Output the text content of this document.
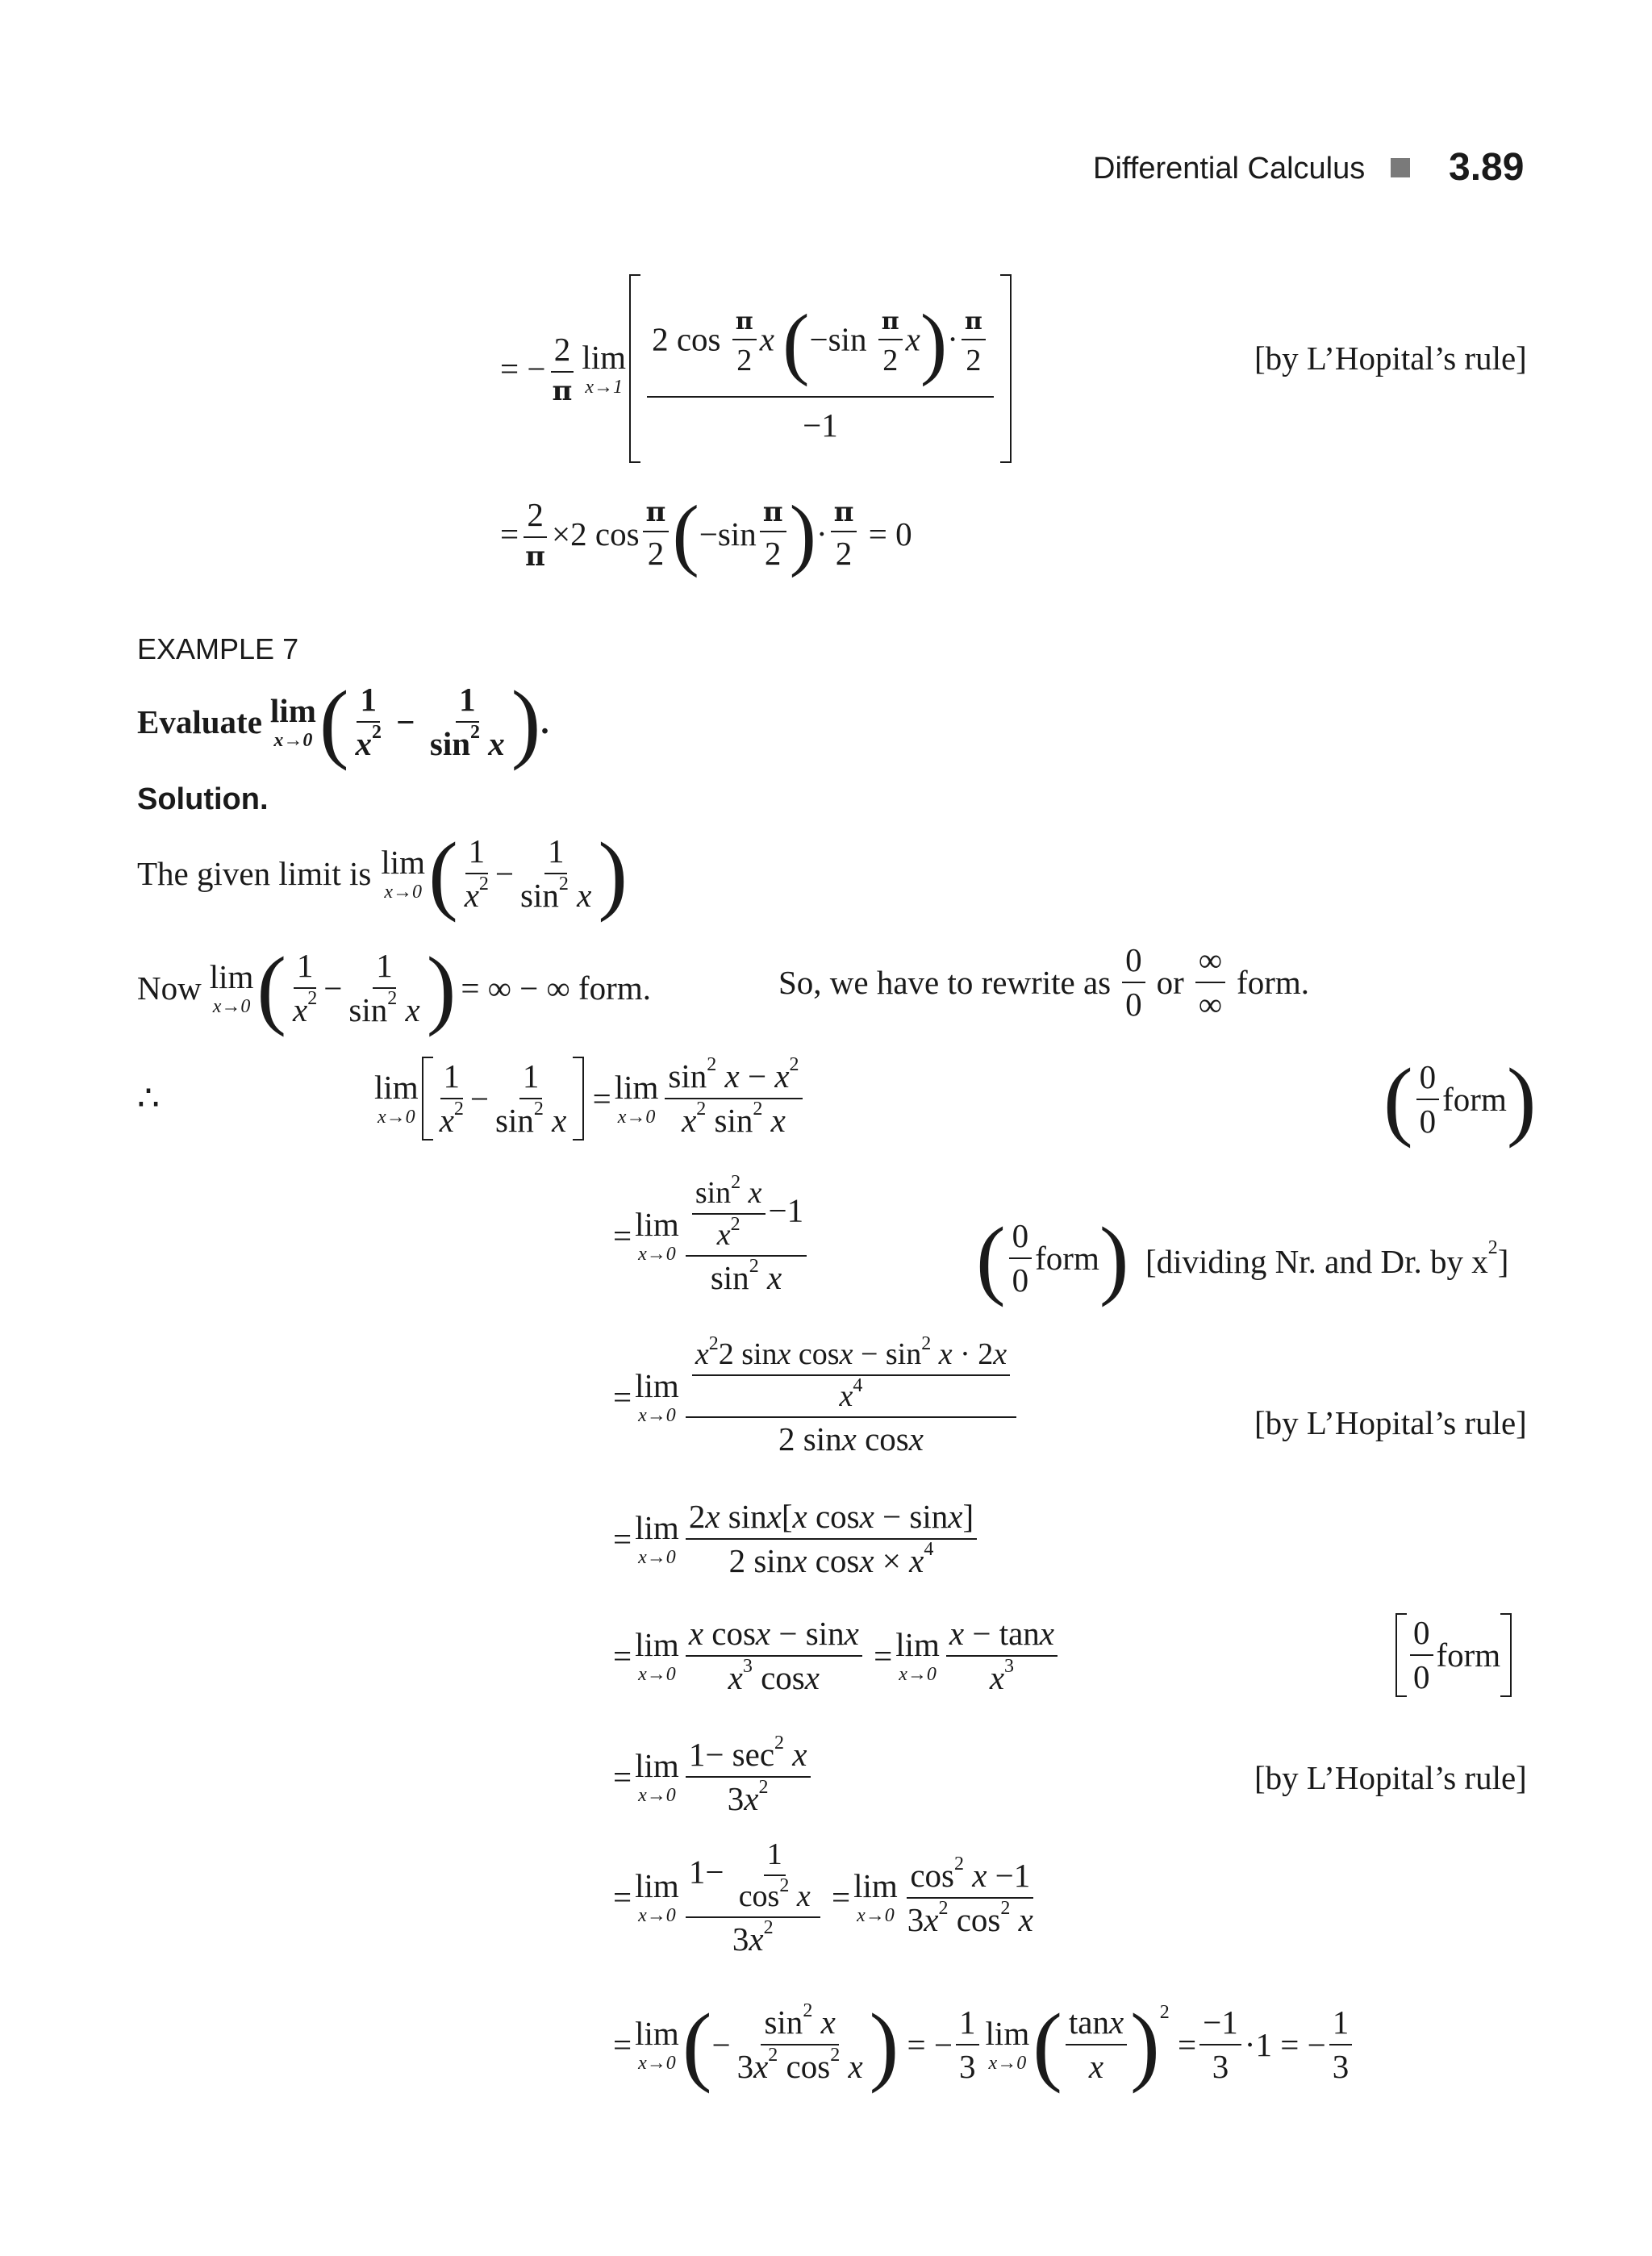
Differential Calculus 3.89
= − $\frac{2}{\pi}$ lim
$x\to 1 \frac{2 \cos \frac{\pi}{2} x (-\sin \frac{\pi}{2} x)\cdot \frac{\pi}{2}}{-1}$	[by L’Hopital’s rule]
= $\frac{2}{\pi} \times 2$ $\cos \frac{\pi}{2}$ ( $-\sin \frac{\pi}{2}$ ) · $\frac{\pi}{2} = 0$
EXAMPLE 7
Evaluate lim
x→0 ( $\frac{1}{x^2} - \frac{1}{\sin^2 x}$ ) .
Solution.
The given limit is lim
x→0 ( $\frac{1}{x^2} - \frac{1}{\sin^2 x}$ )
Now lim
x→0 ( $\frac{1}{x^2} - \frac{1}{\sin^2 x}$ ) = ∞ − ∞ form.	So, we have to rewrite as $\frac{0}{0}$ or $\frac{\infty}{\infty}$ form.
∴	lim
$x\to 0 \frac{1}{x^2} - \frac{1}{\sin^2 x} = \lim$
$x\to 0 \frac{\sin^2 x - x^2}{x^2 \sin^2 x}$	( $\frac{0}{0}$ form )
= lim
$x\to 0 \frac{\frac{\sin^2 x}{x^2} -1}{\sin^2 x}$ ( $\frac{0}{0}$ form ) [dividing Nr. and Dr. by $x^2$]
= lim
$x\to 0 \frac{\frac{x^22 \sin x \cos x - \sin^2 x \cdot 2x}{x^4}}{\text{2 sinx cosx}}$	[by L’Hopital’s rule]
= lim
$x\to 0 \frac{\text{2x sinx[x cosx − sinx]}}{2 \sin x \cos x \times x^4}$
= lim
$x\to 0 \frac{\text{x cosx − sinx}}{x^3 \cos x} = \lim$
$x\to 0 \frac{x - \tan x}{x^3}$	$\frac{0}{0}$ form
= lim
$x\to 0 \frac{1- \sec^2 x}{3x^2}$	[by L’Hopital’s rule]
= lim
$x\to 0 \frac{1- \frac{1}{\cos^2 x}}{3x^2} = \lim$
$x\to 0 \frac{\cos^2 x -1}{3x^2 \cos^2 x}$
= lim
x→0 ( − $\frac{\sin^2 x}{3x^2 \cos^2 x}$ ) = − $\frac{1}{3}$ lim
x→0 ( $\frac{\tan x}{x} )^2$
= $\frac{-1}{3} \cdot 1$ = − $\frac{1}{3}$
